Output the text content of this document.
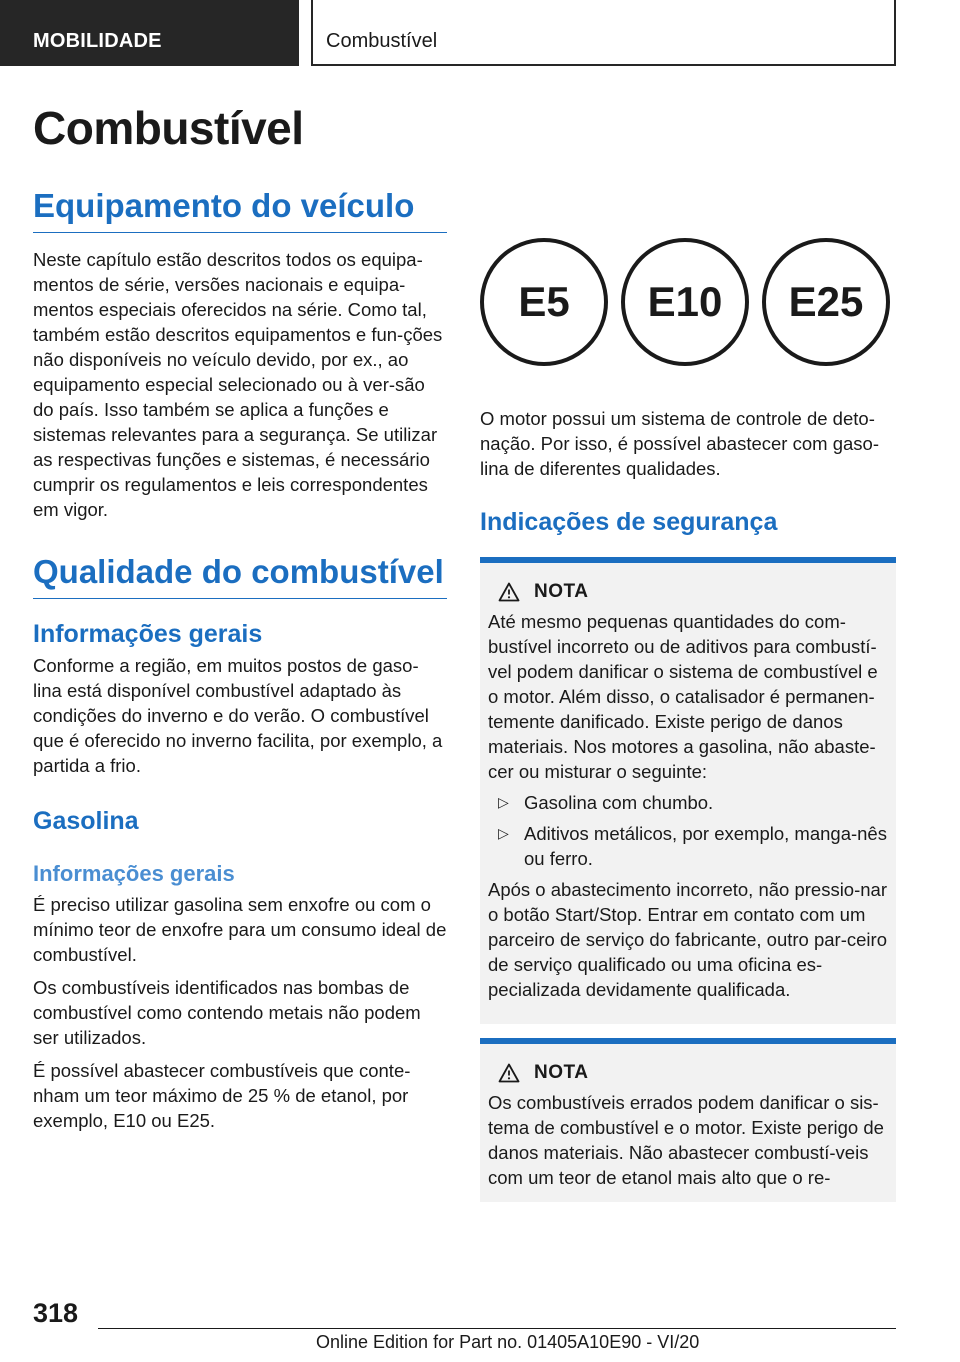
MOBILIDADE	Combustível
Combustível
Equipamento do veículo

Neste capítulo estão descritos todos os equipa-mentos de série, versões nacionais e equipa-mentos especiais oferecidos na série. Como tal, também estão descritos equipamentos e fun-ções não disponíveis no veículo devido, por ex., ao equipamento especial selecionado ou à ver-são do país. Isso também se aplica a funções e sistemas relevantes para a segurança. Se utilizar as respectivas funções e sistemas, é necessário cumprir os regulamentos e leis correspondentes em vigor.

Qualidade do combustível
Informações gerais

Conforme a região, em muitos postos de gaso-lina está disponível combustível adaptado às condições do inverno e do verão. O combustível que é oferecido no inverno facilita, por exemplo, a partida a frio.

Gasolina
Informações gerais

É preciso utilizar gasolina sem enxofre ou com o mínimo teor de enxofre para um consumo ideal de combustível.

Os combustíveis identificados nas bombas de combustível como contendo metais não podem ser utilizados.

É possível abastecer combustíveis que conte-nham um teor máximo de 25 % de etanol, por exemplo, E10 ou E25.

E5	E10	E25

O motor possui um sistema de controle de deto-nação. Por isso, é possível abastecer com gaso-lina de diferentes qualidades.

Indicações de segurança
NOTA

Até mesmo pequenas quantidades do com-bustível incorreto ou de aditivos para combustí-vel podem danificar o sistema de combustível e o motor. Além disso, o catalisador é permanen-temente danificado. Existe perigo de danos materiais. Nos motores a gasolina, não abaste-cer ou misturar o seguinte:

▷ Gasolina com chumbo.
▷ Aditivos metálicos, por exemplo, manga-nês ou ferro.

Após o abastecimento incorreto, não pressio-nar o botão Start/Stop. Entrar em contato com um parceiro de serviço do fabricante, outro par-ceiro de serviço qualificado ou uma oficina es-pecializada devidamente qualificada.

NOTA

Os combustíveis errados podem danificar o sis-tema de combustível e o motor. Existe perigo de danos materiais. Não abastecer combustí-veis com um teor de etanol mais alto que o re-

318
Online Edition for Part no. 01405A10E90 - VI/20
